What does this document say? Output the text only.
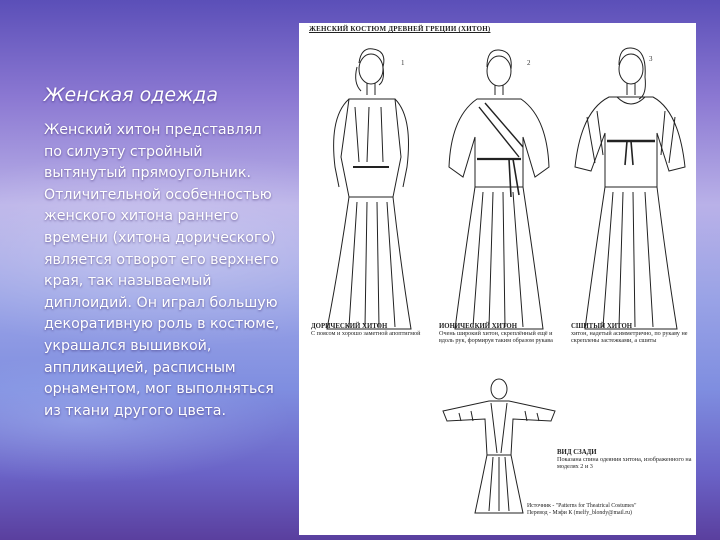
Женская одежда
Женский хитон представлял по силуэту стройный вытянутый прямоугольник. Отличительной особенностью женского хитона раннего времени (хитона дорического) является отворот его верхнего края, так называемый диплоидий. Он играл большую декоративную роль в костюме, украшался вышивкой, аппликацией, расписным орнаментом, мог выполняться из ткани другого цвета.
ЖЕНСКИЙ КОСТЮМ ДРЕВНЕЙ ГРЕЦИИ (ХИТОН)
1	2	3
ДОРИЧЕСКИЙ ХИТОН
С поясом и хорошо заметной апоптигмой
ИОНИЧЕСКИЙ ХИТОН
Очень широкий хитон, скреплённый ещё и вдоль рук, формируя таким образом рукава
СШИТЫЙ ХИТОН
хитон, надетый асимметрично, по рукаву не скреплены застежками, а сшиты
ВИД СЗАДИ
Показана спина одеяния хитона, изображенного на моделях 2 и 3
Источник - "Patterns for Theatrical Costumes"
Перевод - Мэфи К (melfy_blondy@mail.ru)
